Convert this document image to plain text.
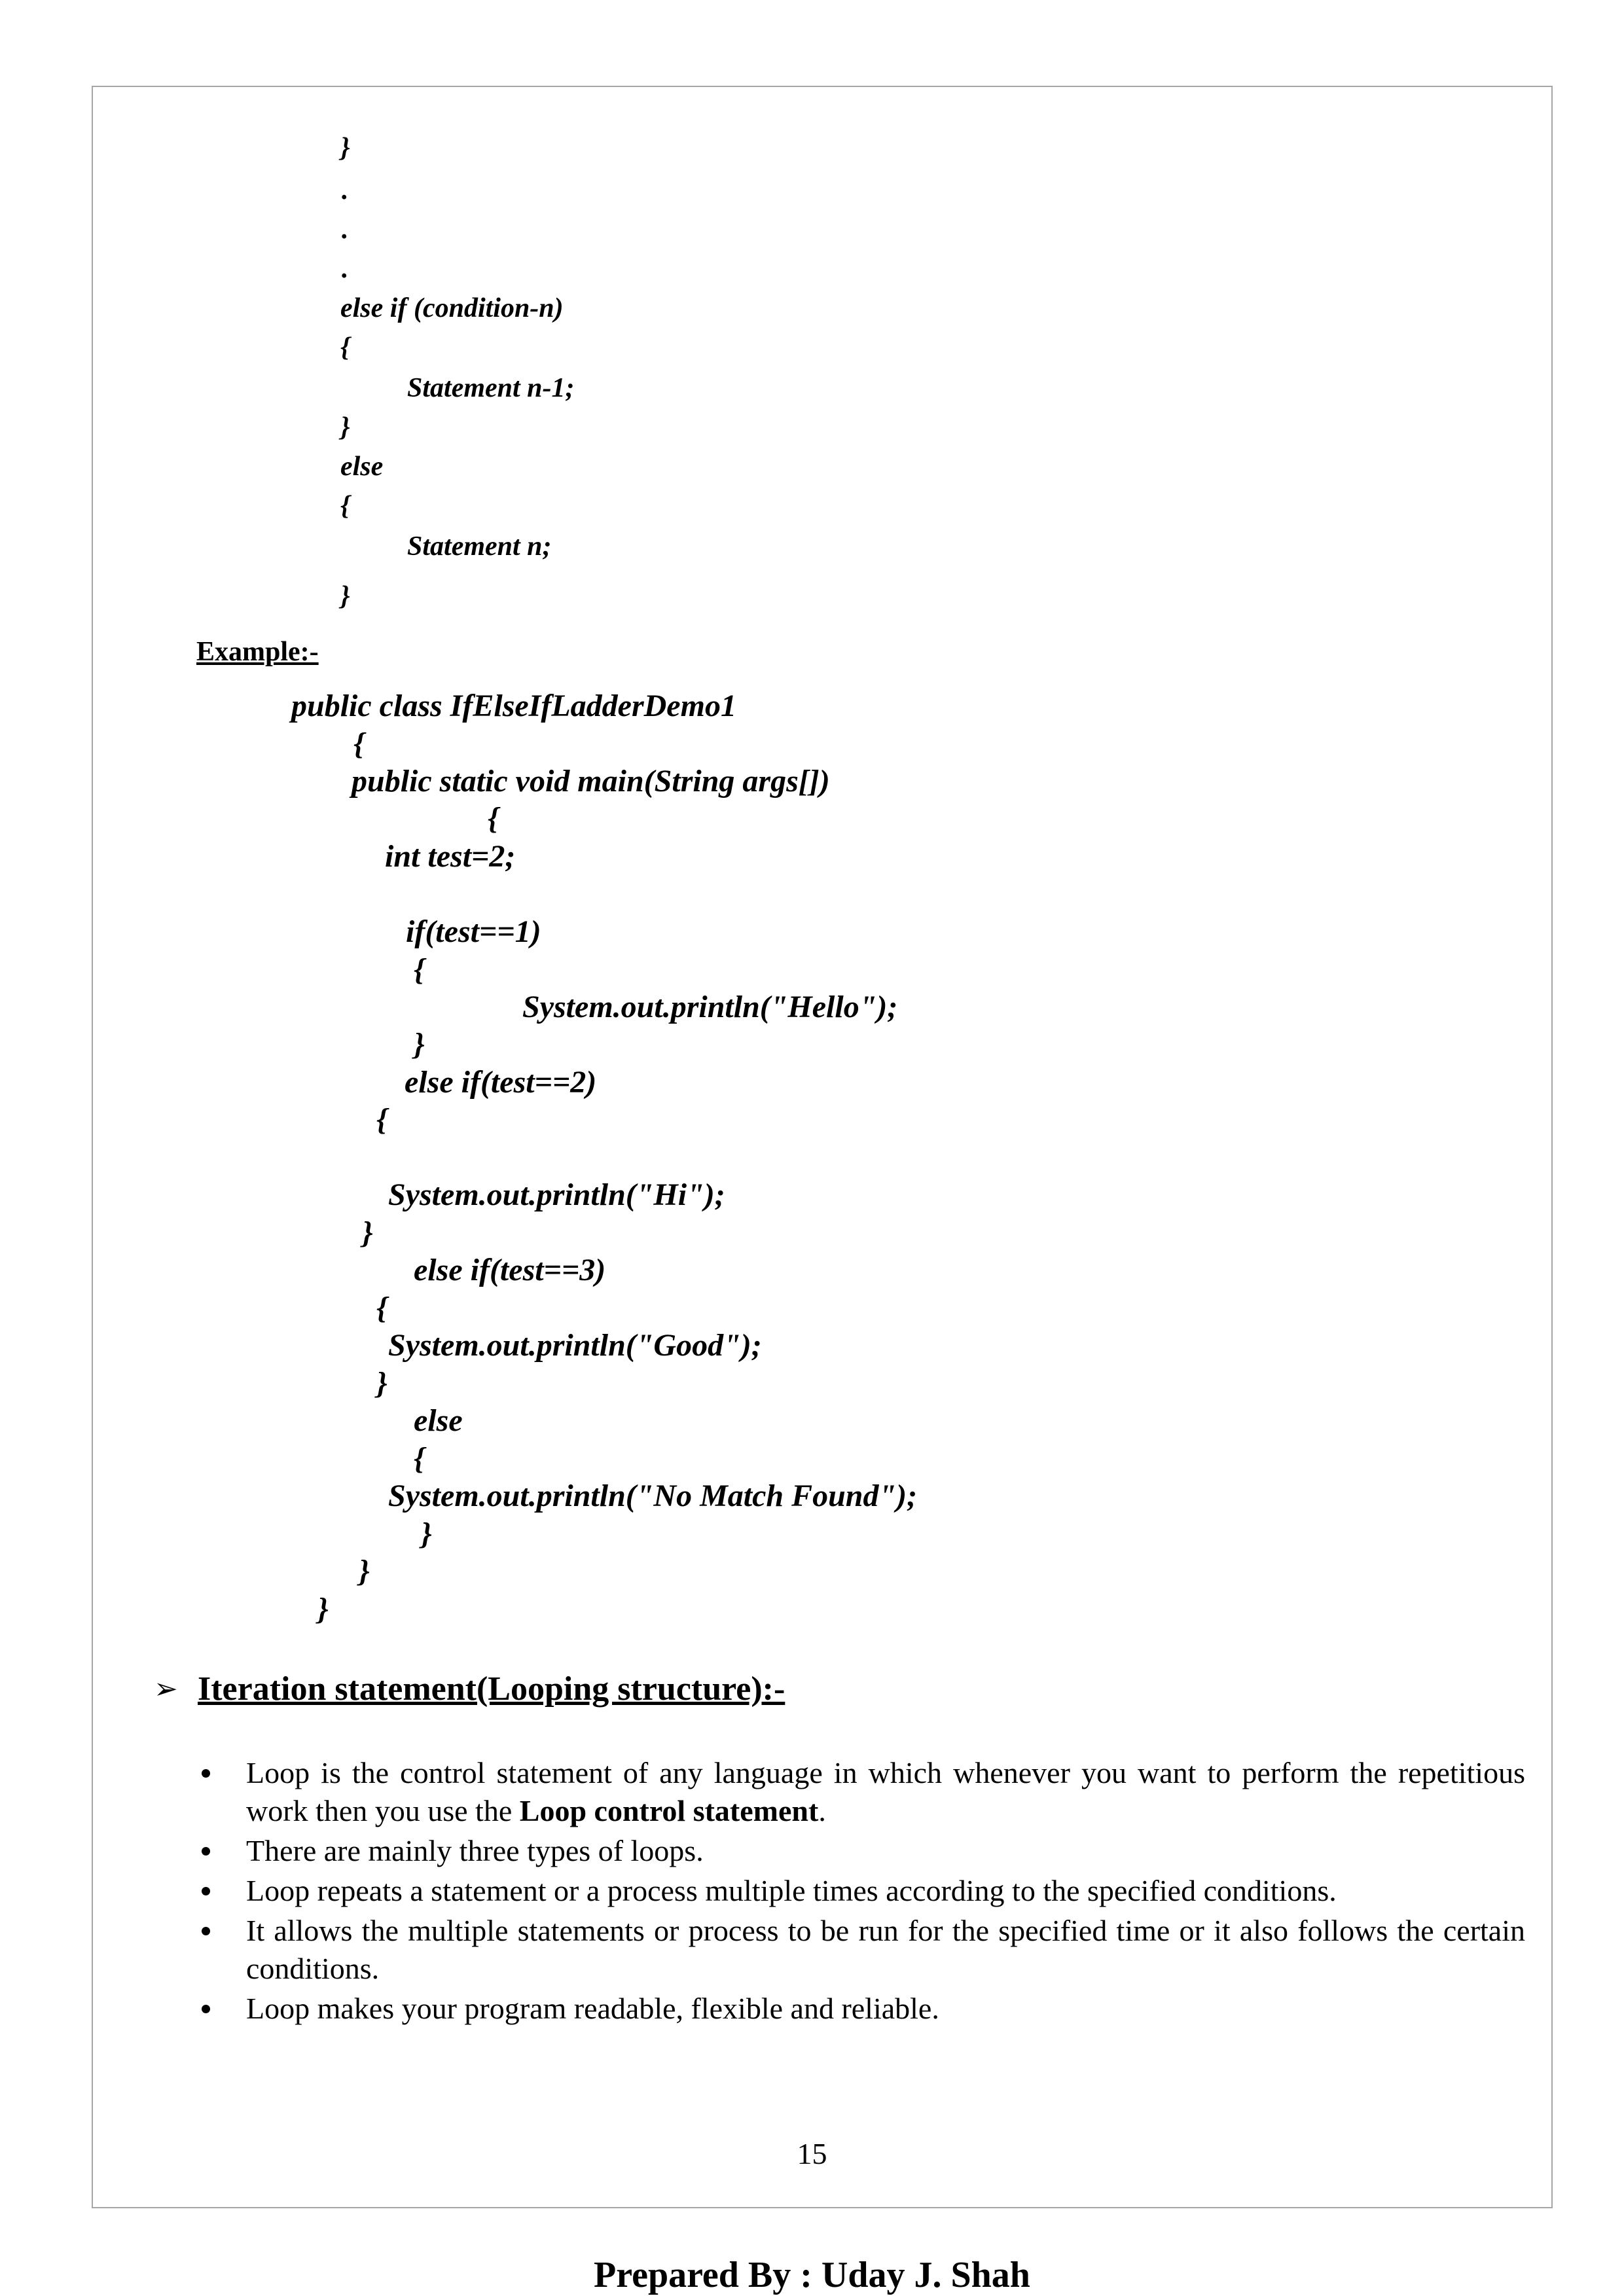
}
.
.
.
else if (condition-n)
{
Statement n-1;
}
else
{
Statement n;
}
Example:-
public class IfElseIfLadderDemo1
{
public static void main(String args[])
{
int test=2;
if(test==1)
{
System.out.println("Hello");
}
else if(test==2)
{
System.out.println("Hi");
}
else if(test==3)
{
System.out.println("Good");
}
else
{
System.out.println("No Match Found");
}
}
}
➢ Iteration statement(Looping structure):-
Loop is the control statement of any language in which whenever you want to perform the repetitious work then you use the Loop control statement.
There are mainly three types of loops.
Loop repeats a statement or a process multiple times according to the specified conditions.
It allows the multiple statements or process to be run for the specified time or it also follows the certain conditions.
Loop makes your program readable, flexible and reliable.
15
Prepared By : Uday J. Shah
